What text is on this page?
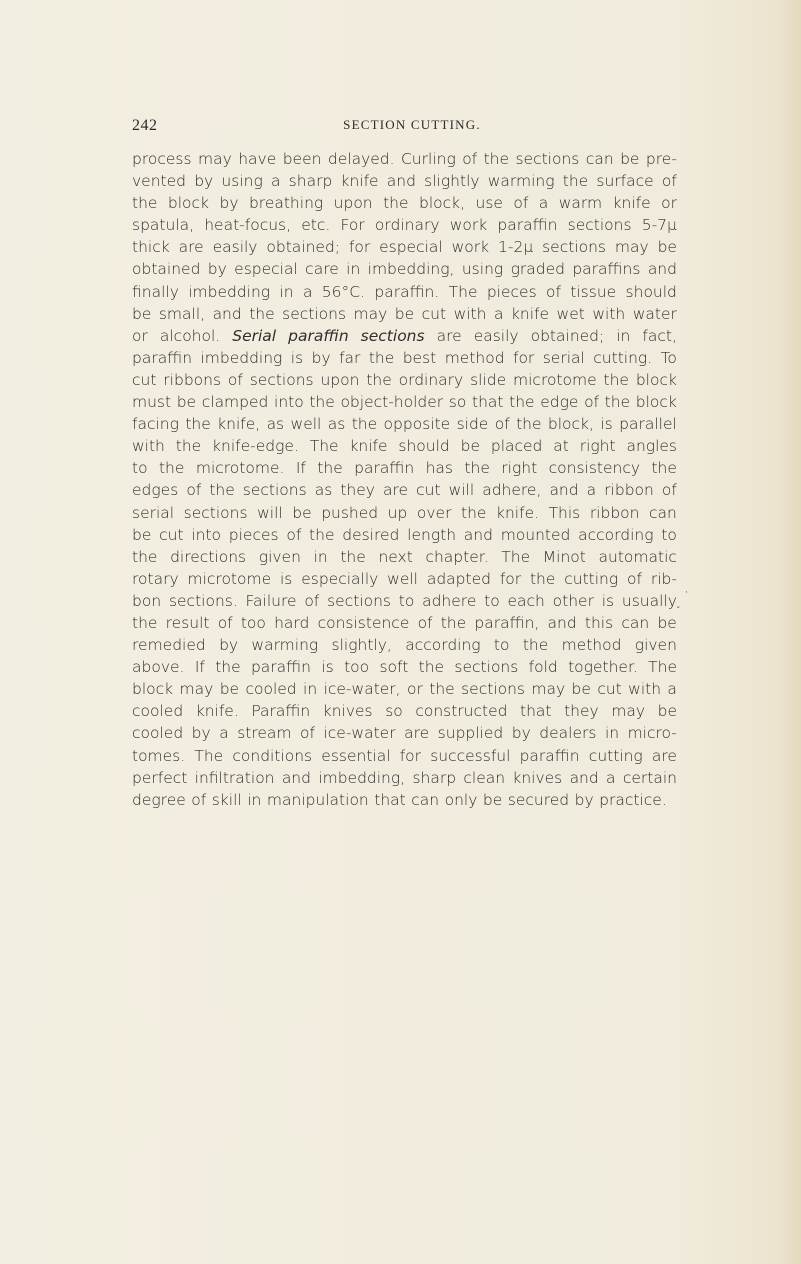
242	SECTION CUTTING.
process may have been delayed. Curling of the sections can be pre-
vented by using a sharp knife and slightly warming the surface of
the block by breathing upon the block, use of a warm knife or
spatula, heat-focus, etc. For ordinary work paraffin sections 5-7µ
thick are easily obtained; for especial work 1-2µ sections may be
obtained by especial care in imbedding, using graded paraffins and
finally imbedding in a 56°C. paraffin. The pieces of tissue should
be small, and the sections may be cut with a knife wet with water
or alcohol. Serial paraffin sections are easily obtained; in fact,
paraffin imbedding is by far the best method for serial cutting. To
cut ribbons of sections upon the ordinary slide microtome the block
must be clamped into the object-holder so that the edge of the block
facing the knife, as well as the opposite side of the block, is parallel
with the knife-edge. The knife should be placed at right angles
to the microtome. If the paraffin has the right consistency the
edges of the sections as they are cut will adhere, and a ribbon of
serial sections will be pushed up over the knife. This ribbon can
be cut into pieces of the desired length and mounted according to
the directions given in the next chapter. The Minot automatic
rotary microtome is especially well adapted for the cutting of rib-
bon sections. Failure of sections to adhere to each other is usually
the result of too hard consistence of the paraffin, and this can be
remedied by warming slightly, according to the method given
above. If the paraffin is too soft the sections fold together. The
block may be cooled in ice-water, or the sections may be cut with a
cooled knife. Paraffin knives so constructed that they may be
cooled by a stream of ice-water are supplied by dealers in micro-
tomes. The conditions essential for successful paraffin cutting are
perfect infiltration and imbedding, sharp clean knives and a certain
degree of skill in manipulation that can only be secured by practice.
·
ˇ
